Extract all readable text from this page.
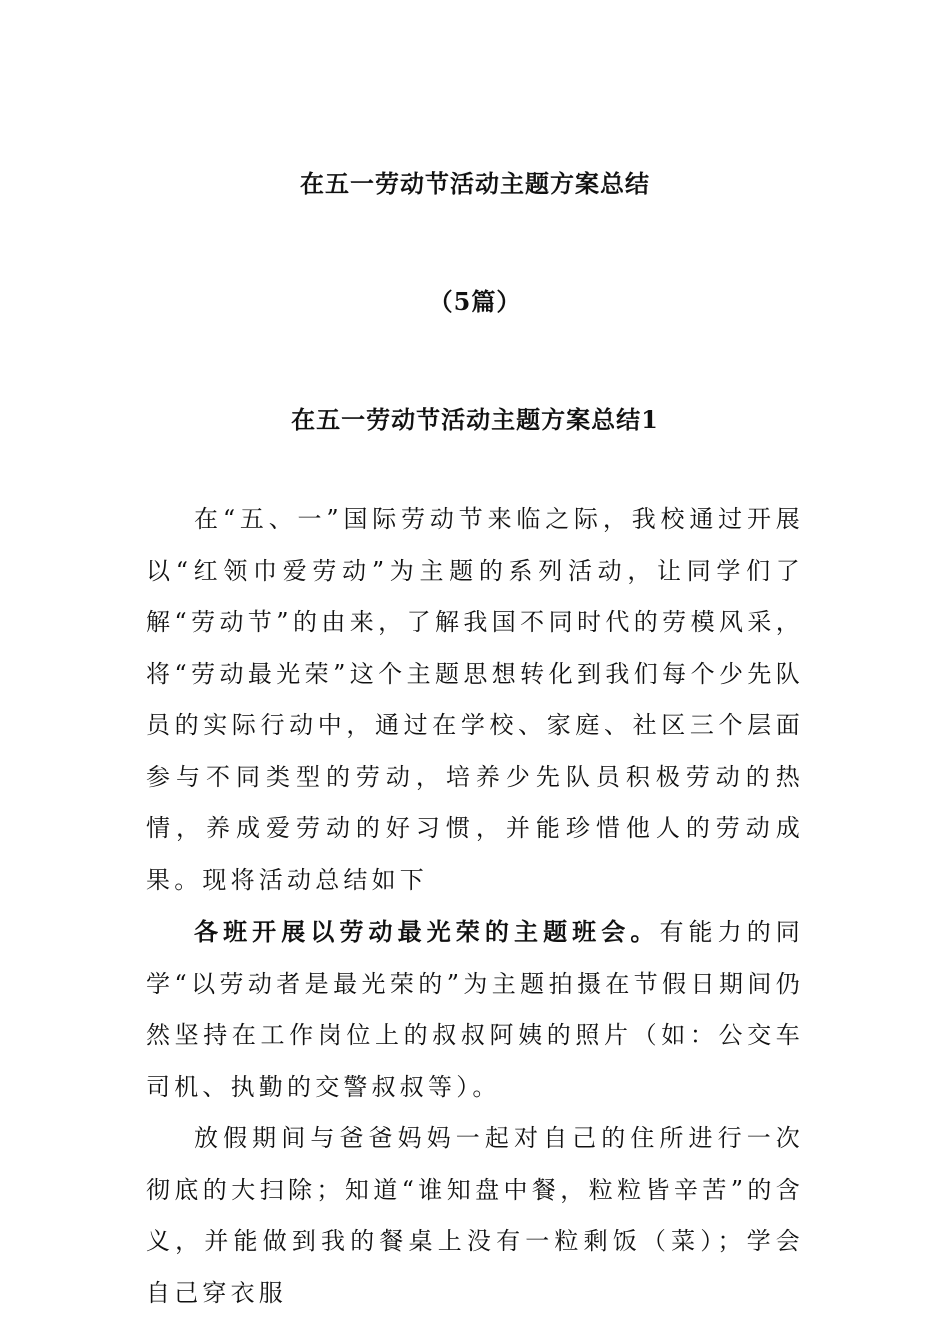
在五一劳动节活动主题方案总结
（5篇）
在五一劳动节活动主题方案总结1

在“五、一”国际劳动节来临之际，我校通过开展以“红领巾爱劳动”为主题的系列活动，让同学们了解“劳动节”的由来，了解我国不同时代的劳模风采，将“劳动最光荣”这个主题思想转化到我们每个少先队员的实际行动中，通过在学校、家庭、社区三个层面参与不同类型的劳动，培养少先队员积极劳动的热情，养成爱劳动的好习惯，并能珍惜他人的劳动成果。现将活动总结如下

各班开展以劳动最光荣的主题班会。有能力的同学“以劳动者是最光荣的”为主题拍摄在节假日期间仍然坚持在工作岗位上的叔叔阿姨的照片（如：公交车司机、执勤的交警叔叔等）。

放假期间与爸爸妈妈一起对自己的住所进行一次彻底的大扫除；知道“谁知盘中餐，粒粒皆辛苦”的含义，并能做到我的餐桌上没有一粒剩饭（菜）；学会自己穿衣服
